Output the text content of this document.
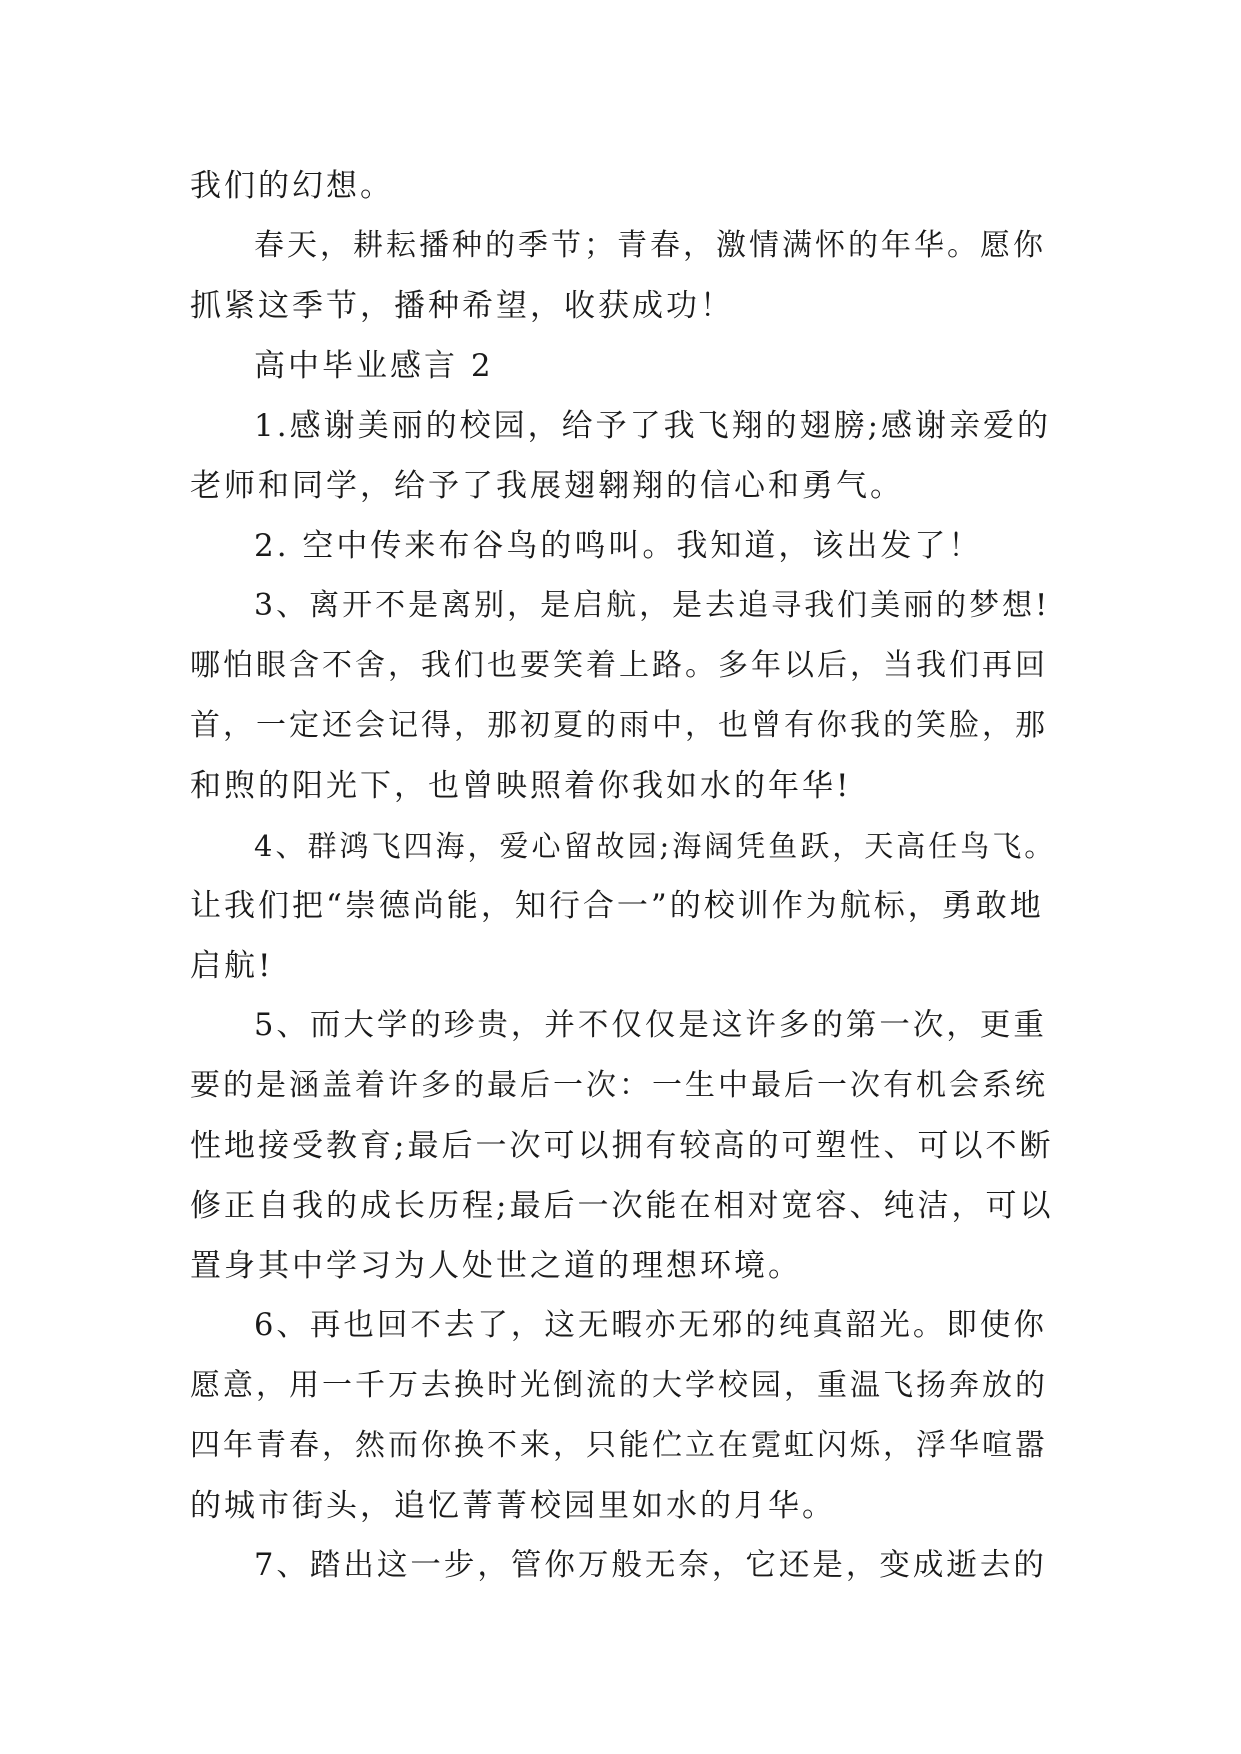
我们的幻想。
春天，耕耘播种的季节；青春，激情满怀的年华。愿你
抓紧这季节，播种希望，收获成功！
高中毕业感言 2
1.感谢美丽的校园，给予了我飞翔的翅膀;感谢亲爱的
老师和同学，给予了我展翅翱翔的信心和勇气。
2. 空中传来布谷鸟的鸣叫。我知道，该出发了！
3、离开不是离别，是启航，是去追寻我们美丽的梦想!
哪怕眼含不舍，我们也要笑着上路。多年以后，当我们再回
首，一定还会记得，那初夏的雨中，也曾有你我的笑脸，那
和煦的阳光下，也曾映照着你我如水的年华!
4、群鸿飞四海，爱心留故园;海阔凭鱼跃，天高任鸟飞。
让我们把“崇德尚能，知行合一”的校训作为航标，勇敢地
启航!
5、而大学的珍贵，并不仅仅是这许多的第一次，更重
要的是涵盖着许多的最后一次：一生中最后一次有机会系统
性地接受教育;最后一次可以拥有较高的可塑性、可以不断
修正自我的成长历程;最后一次能在相对宽容、纯洁，可以
置身其中学习为人处世之道的理想环境。
6、再也回不去了，这无暇亦无邪的纯真韶光。即使你
愿意，用一千万去换时光倒流的大学校园，重温飞扬奔放的
四年青春，然而你换不来，只能伫立在霓虹闪烁，浮华喧嚣
的城市街头，追忆菁菁校园里如水的月华。
7、踏出这一步，管你万般无奈，它还是，变成逝去的
